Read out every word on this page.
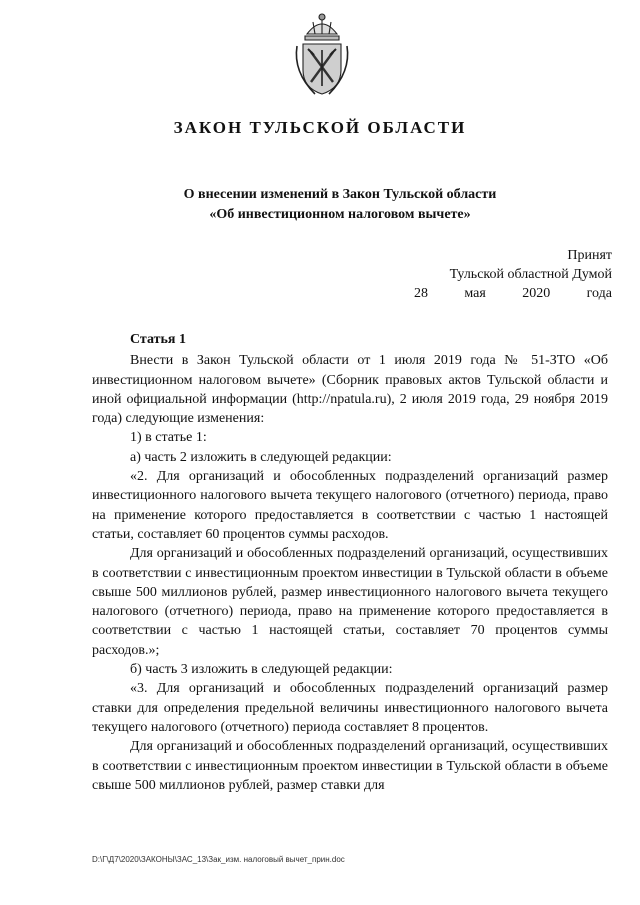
ЗАКОН ТУЛЬСКОЙ ОБЛАСТИ
О внесении изменений в Закон Тульской области
«Об инвестиционном налоговом вычете»
Принят
Тульской областной Думой
28	мая	2020	года
Статья 1

Внести в Закон Тульской области от 1 июля 2019 года № 51-ЗТО «Об инвестиционном налоговом вычете» (Сборник правовых актов Тульской области и иной официальной информации (http://npatula.ru), 2 июля 2019 года, 29 ноября 2019 года) следующие изменения:

1) в статье 1:

а) часть 2 изложить в следующей редакции:

«2. Для организаций и обособленных подразделений организаций размер инвестиционного налогового вычета текущего налогового (отчетного) периода, право на применение которого предоставляется в соответствии с частью 1 настоящей статьи, составляет 60 процентов суммы расходов.

Для организаций и обособленных подразделений организаций, осуществивших в соответствии с инвестиционным проектом инвестиции в Тульской области в объеме свыше 500 миллионов рублей, размер инвестиционного налогового вычета текущего налогового (отчетного) периода, право на применение которого предоставляется в соответствии с частью 1 настоящей статьи, составляет 70 процентов суммы расходов.»;

б) часть 3 изложить в следующей редакции:

«3. Для организаций и обособленных подразделений организаций размер ставки для определения предельной величины инвестиционного налогового вычета текущего налогового (отчетного) периода составляет 8 процентов.

Для организаций и обособленных подразделений организаций, осуществивших в соответствии с инвестиционным проектом инвестиции в Тульской области в объеме свыше 500 миллионов рублей, размер ставки для

D:\Г\Д7\2020\ЗАКОНЫ\ЗАС_13\Зак_изм. налоговый вычет_прин.doc
